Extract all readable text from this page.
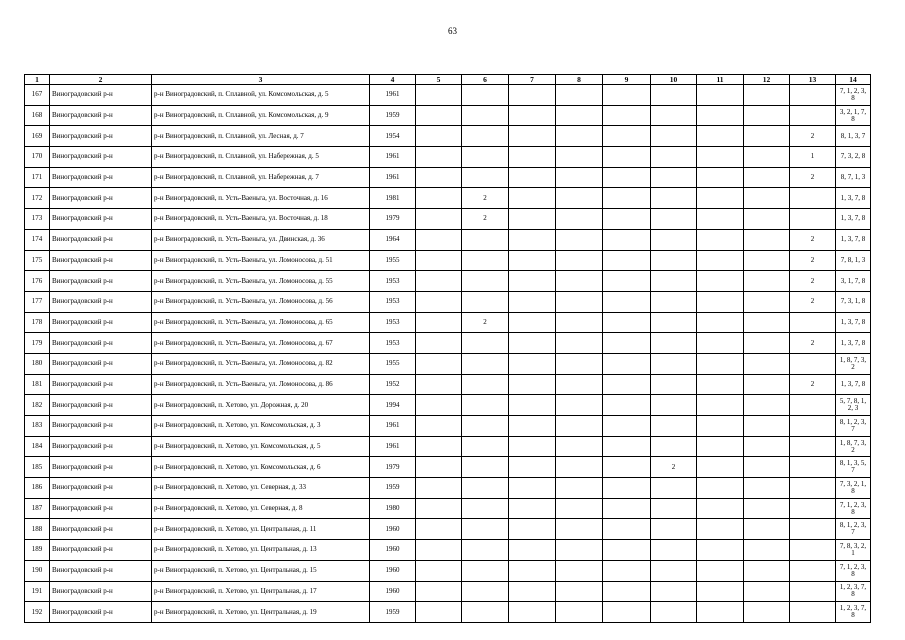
63
1	2	3	4	5	6	7	8	9	10	11	12	13	14
167	Виноградовский р-н	р-н Виноградовский, п. Сплавной, ул. Комсомольская, д. 5	1961										7, 1, 2, 3, 8
168	Виноградовский р-н	р-н Виноградовский, п. Сплавной, ул. Комсомольская, д. 9	1959										3, 2, 1, 7, 8
169	Виноградовский р-н	р-н Виноградовский, п. Сплавной, ул. Лесная, д. 7	1954									2	8, 1, 3, 7
170	Виноградовский р-н	р-н Виноградовский, п. Сплавной, ул. Набережная, д. 5	1961									1	7, 3, 2, 8
171	Виноградовский р-н	р-н Виноградовский, п. Сплавной, ул. Набережная, д. 7	1961									2	8, 7, 1, 3
172	Виноградовский р-н	р-н Виноградовский, п. Усть-Ваеньга, ул. Восточная, д. 16	1981		2								1, 3, 7, 8
173	Виноградовский р-н	р-н Виноградовский, п. Усть-Ваеньга, ул. Восточная, д. 18	1979		2								1, 3, 7, 8
174	Виноградовский р-н	р-н Виноградовский, п. Усть-Ваеньга, ул. Двинская, д. 36	1964									2	1, 3, 7, 8
175	Виноградовский р-н	р-н Виноградовский, п. Усть-Ваеньга, ул. Ломоносова, д. 51	1955									2	7, 8, 1, 3
176	Виноградовский р-н	р-н Виноградовский, п. Усть-Ваеньга, ул. Ломоносова, д. 55	1953									2	3, 1, 7, 8
177	Виноградовский р-н	р-н Виноградовский, п. Усть-Ваеньга, ул. Ломоносова, д. 56	1953									2	7, 3, 1, 8
178	Виноградовский р-н	р-н Виноградовский, п. Усть-Ваеньга, ул. Ломоносова, д. 65	1953		2								1, 3, 7, 8
179	Виноградовский р-н	р-н Виноградовский, п. Усть-Ваеньга, ул. Ломоносова, д. 67	1953									2	1, 3, 7, 8
180	Виноградовский р-н	р-н Виноградовский, п. Усть-Ваеньга, ул. Ломоносова, д. 82	1955										1, 8, 7, 3, 2
181	Виноградовский р-н	р-н Виноградовский, п. Усть-Ваеньга, ул. Ломоносова, д. 86	1952									2	1, 3, 7, 8
182	Виноградовский р-н	р-н Виноградовский, п. Хетово, ул. Дорожная, д. 20	1994										5, 7, 8, 1, 2, 3
183	Виноградовский р-н	р-н Виноградовский, п. Хетово, ул. Комсомольская, д. 3	1961										8, 1, 2, 3, 7
184	Виноградовский р-н	р-н Виноградовский, п. Хетово, ул. Комсомольская, д. 5	1961										1, 8, 7, 3, 2
185	Виноградовский р-н	р-н Виноградовский, п. Хетово, ул. Комсомольская, д. 6	1979						2				8, 1, 3, 5, 7
186	Виноградовский р-н	р-н Виноградовский, п. Хетово, ул. Северная, д. 33	1959										7, 3, 2, 1, 8
187	Виноградовский р-н	р-н Виноградовский, п. Хетово, ул. Северная, д. 8	1980										7, 1, 2, 3, 8
188	Виноградовский р-н	р-н Виноградовский, п. Хетово, ул. Центральная, д. 11	1960										8, 1, 2, 3, 7
189	Виноградовский р-н	р-н Виноградовский, п. Хетово, ул. Центральная, д. 13	1960										7, 8, 3, 2, 1
190	Виноградовский р-н	р-н Виноградовский, п. Хетово, ул. Центральная, д. 15	1960										7, 1, 2, 3, 8
191	Виноградовский р-н	р-н Виноградовский, п. Хетово, ул. Центральная, д. 17	1960										1, 2, 3, 7, 8
192	Виноградовский р-н	р-н Виноградовский, п. Хетово, ул. Центральная, д. 19	1959										1, 2, 3, 7, 8
